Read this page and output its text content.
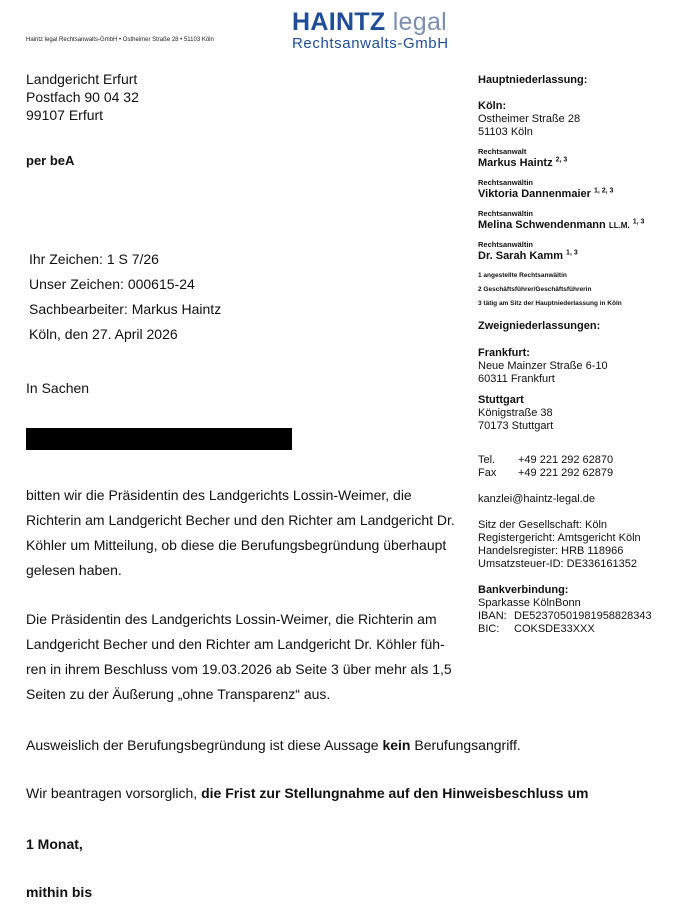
HAINTZ legal
Rechtsanwalts-GmbH
Haintz legal Rechtsanwalts-GmbH • Ostheimer Straße 28 • 51103 Köln
Landgericht Erfurt
Postfach 90 04 32
99107 Erfurt
per beA
Ihr Zeichen: 1 S 7/26
Unser Zeichen: 000615-24
Sachbearbeiter: Markus Haintz
Köln, den 27. April 2026
In Sachen
bitten wir die Präsidentin des Landgerichts Lossin-Weimer, die Richterin am Landgericht Becher und den Richter am Landgericht Dr. Köhler um Mitteilung, ob diese die Berufungsbegründung überhaupt gelesen haben.
Die Präsidentin des Landgerichts Lossin-Weimer, die Richterin am Landgericht Becher und den Richter am Landgericht Dr. Köhler füh-ren in ihrem Beschluss vom 19.03.2026 ab Seite 3 über mehr als 1,5 Seiten zu der Äußerung „ohne Transparenz“ aus.
Ausweislich der Berufungsbegründung ist diese Aussage kein Berufungsangriff.
Wir beantragen vorsorglich, die Frist zur Stellungnahme auf den Hinweisbeschluss um
1 Monat,
mithin bis
Hauptniederlassung:
Köln:
Ostheimer Straße 28
51103 Köln
Rechtsanwalt
Markus Haintz $^{2, 3}$
Rechtsanwältin
Viktoria Dannenmaier $^{1, 2, 3}$
Rechtsanwältin
Melina Schwendenmann LL.M. $^{1, 3}$
Rechtsanwältin
Dr. Sarah Kamm $^{1, 3}$
1 angestellte Rechtsanwältin
2 Geschäftsführer/Geschäftsführerin
3 tätig am Sitz der Hauptniederlassung in Köln
Zweigniederlassungen:
Frankfurt:
Neue Mainzer Straße 6-10
60311 Frankfurt
Stuttgart
Königstraße 38
70173 Stuttgart
Tel.	+49 221 292 62870
Fax	+49 221 292 62879
kanzlei@haintz-legal.de
Sitz der Gesellschaft: Köln
Registergericht: Amtsgericht Köln
Handelsregister: HRB 118966
Umsatzsteuer-ID: DE336161352
Bankverbindung:
Sparkasse KölnBonn
IBAN: DE52370501981958828343
BIC:	COKSDE33XXX
